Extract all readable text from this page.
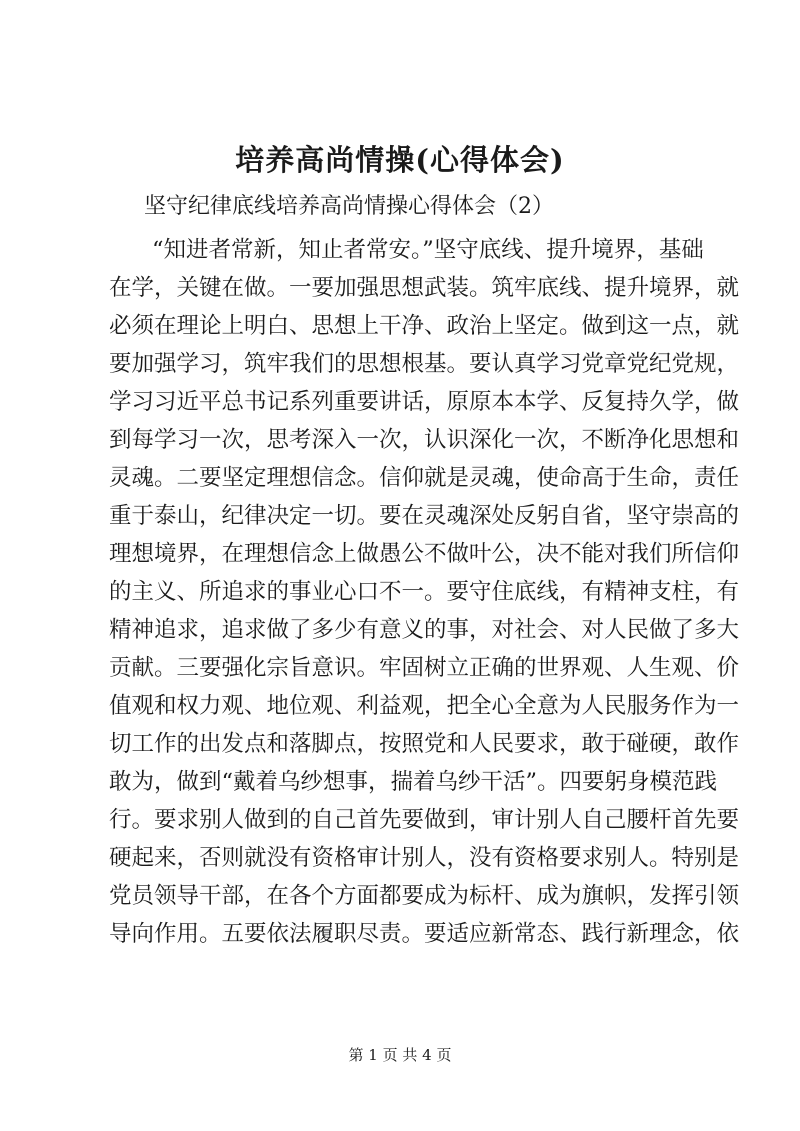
培养高尚情操(心得体会)
坚守纪律底线培养高尚情操心得体会（2）
“知进者常新，知止者常安。”坚守底线、提升境界，基础
在学，关键在做。一要加强思想武装。筑牢底线、提升境界，就
必须在理论上明白、思想上干净、政治上坚定。做到这一点，就
要加强学习，筑牢我们的思想根基。要认真学习党章党纪党规，
学习习近平总书记系列重要讲话，原原本本学、反复持久学，做
到每学习一次，思考深入一次，认识深化一次，不断净化思想和
灵魂。二要坚定理想信念。信仰就是灵魂，使命高于生命，责任
重于泰山，纪律决定一切。要在灵魂深处反躬自省，坚守崇高的
理想境界，在理想信念上做愚公不做叶公，决不能对我们所信仰
的主义、所追求的事业心口不一。要守住底线，有精神支柱，有
精神追求，追求做了多少有意义的事，对社会、对人民做了多大
贡献。三要强化宗旨意识。牢固树立正确的世界观、人生观、价
值观和权力观、地位观、利益观，把全心全意为人民服务作为一
切工作的出发点和落脚点，按照党和人民要求，敢于碰硬，敢作
敢为，做到“戴着乌纱想事，揣着乌纱干活”。四要躬身模范践
行。要求别人做到的自己首先要做到，审计别人自己腰杆首先要
硬起来，否则就没有资格审计别人，没有资格要求别人。特别是
党员领导干部，在各个方面都要成为标杆、成为旗帜，发挥引领
导向作用。五要依法履职尽责。要适应新常态、践行新理念，依
第 1 页 共 4 页
